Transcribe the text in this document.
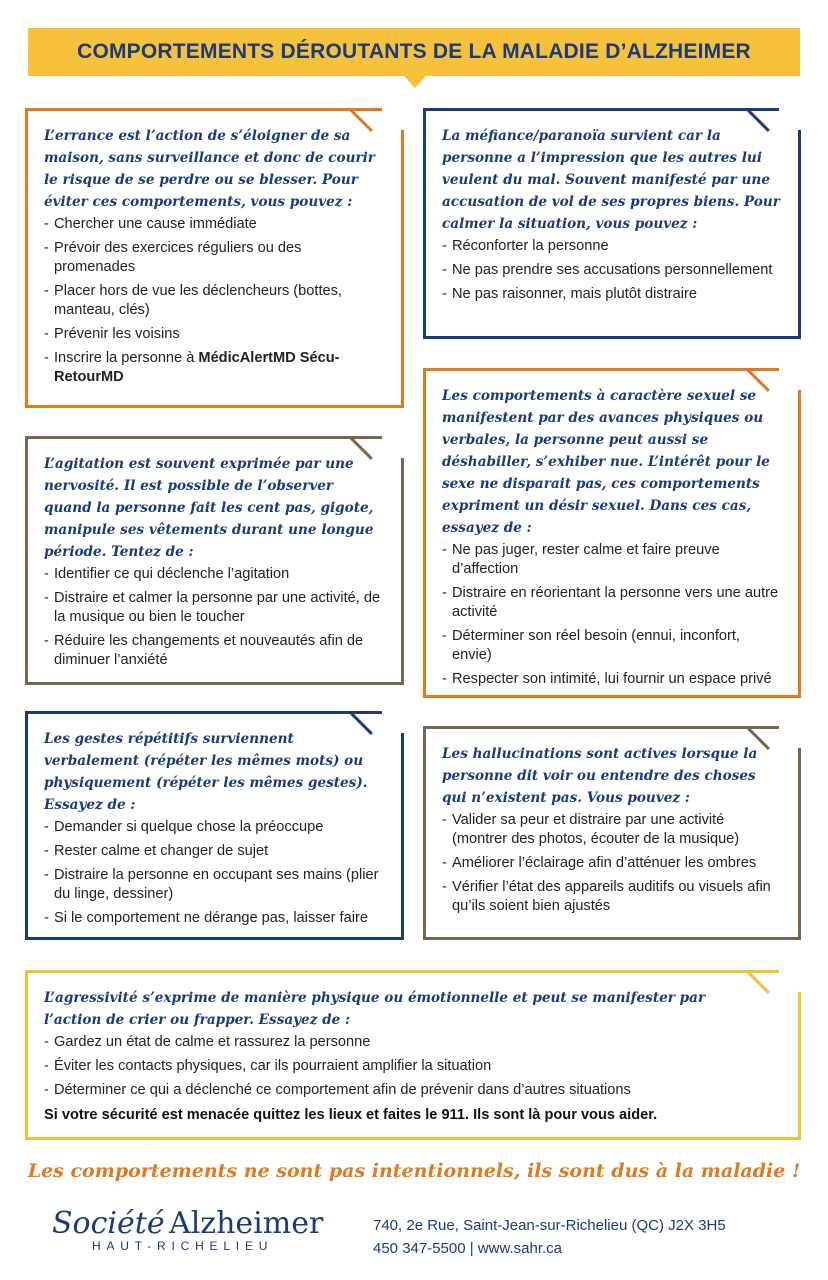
COMPORTEMENTS DÉROUTANTS DE LA MALADIE D’ALZHEIMER

L’errance est l’action de s’éloigner de sa maison, sans surveillance et donc de courir le risque de se perdre ou se blesser. Pour éviter ces comportements, vous pouvez :

- Chercher une cause immédiate
- Prévoir des exercices réguliers ou des promenades
- Placer hors de vue les déclencheurs (bottes, manteau, clés)
- Prévenir les voisins
- Inscrire la personne à MédicAlertMD Sécu-RetourMD

La méfiance/paranoïa survient car la personne a l’impression que les autres lui veulent du mal. Souvent manifesté par une accusation de vol de ses propres biens. Pour calmer la situation, vous pouvez :

- Réconforter la personne
- Ne pas prendre ses accusations personnellement
- Ne pas raisonner, mais plutôt distraire

L’agitation est souvent exprimée par une nervosité. Il est possible de l’observer quand la personne fait les cent pas, gigote, manipule ses vêtements durant une longue période. Tentez de :

- Identifier ce qui déclenche l’agitation
- Distraire et calmer la personne par une activité, de la musique ou bien le toucher
- Réduire les changements et nouveautés afin de diminuer l’anxiété

Les comportements à caractère sexuel se manifestent par des avances physiques ou verbales, la personne peut aussi se déshabiller, s’exhiber nue. L’intérêt pour le sexe ne disparait pas, ces comportements expriment un désir sexuel. Dans ces cas, essayez de :

- Ne pas juger, rester calme et faire preuve d’affection
- Distraire en réorientant la personne vers une autre activité
- Déterminer son réel besoin (ennui, inconfort, envie)
- Respecter son intimité, lui fournir un espace privé

Les gestes répétitifs surviennent verbalement (répéter les mêmes mots) ou physiquement (répéter les mêmes gestes). Essayez de :

- Demander si quelque chose la préoccupe
- Rester calme et changer de sujet
- Distraire la personne en occupant ses mains (plier du linge, dessiner)
- Si le comportement ne dérange pas, laisser faire

Les hallucinations sont actives lorsque la personne dit voir ou entendre des choses qui n’existent pas. Vous pouvez :

- Valider sa peur et distraire par une activité (montrer des photos, écouter de la musique)
- Améliorer l’éclairage afin d’atténuer les ombres
- Vérifier l’état des appareils auditifs ou visuels afin qu’ils soient bien ajustés

L’agressivité s’exprime de manière physique ou émotionnelle et peut se manifester par l’action de crier ou frapper. Essayez de :

- Gardez un état de calme et rassurez la personne
- Éviter les contacts physiques, car ils pourraient amplifier la situation
- Déterminer ce qui a déclenché ce comportement afin de prévenir dans d’autres situations

Si votre sécurité est menacée quittez les lieux et faites le 911. Ils sont là pour vous aider.

Les comportements ne sont pas intentionnels, ils sont dus à la maladie !

Société Alzheimer
HAUT-RICHELIEU
740, 2e Rue, Saint-Jean-sur-Richelieu (QC) J2X 3H5
450 347-5500 | www.sahr.ca
